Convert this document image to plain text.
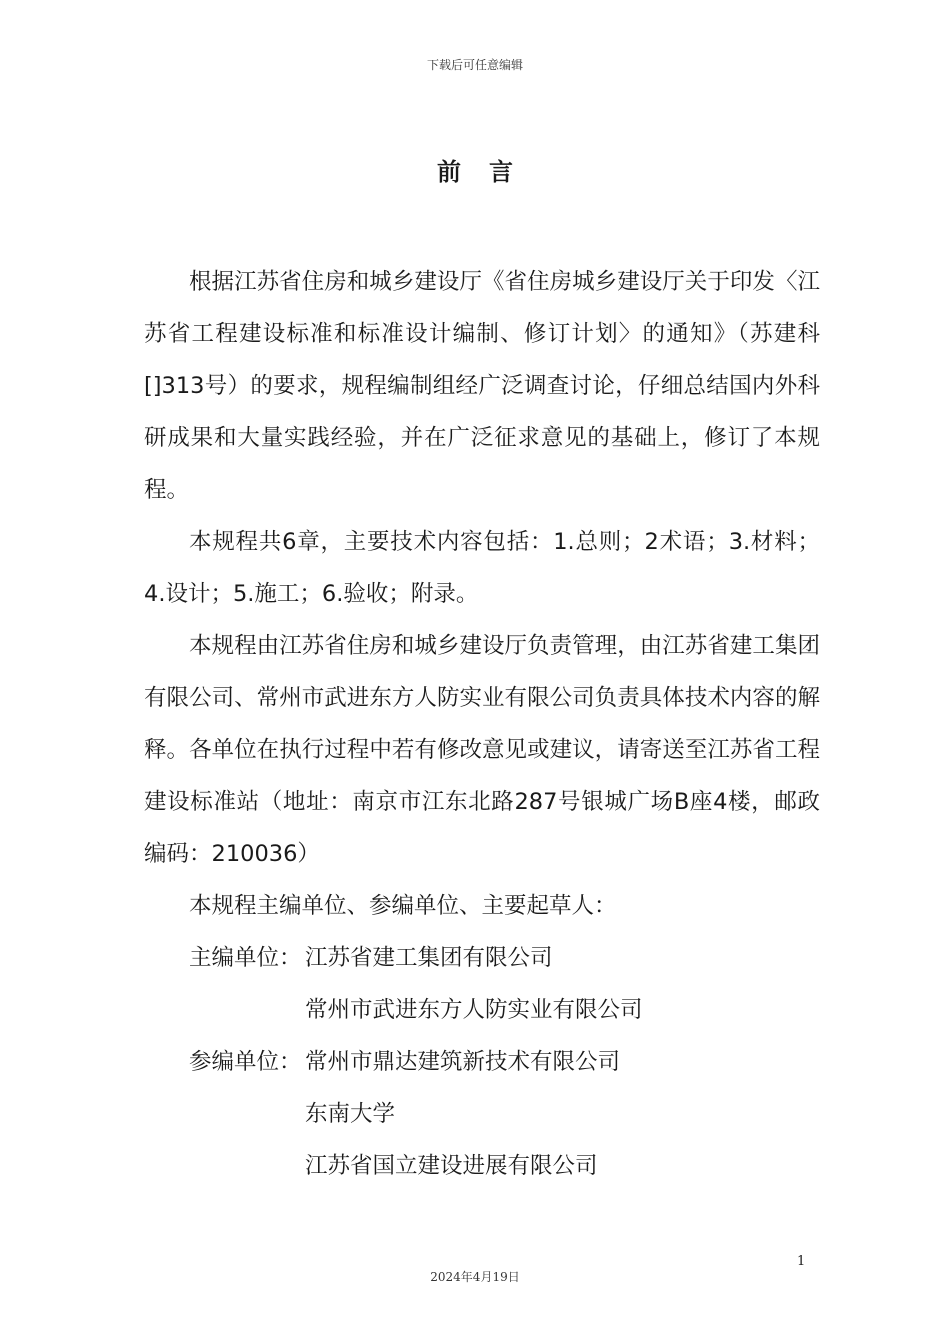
下载后可任意编辑
前言

根据江苏省住房和城乡建设厅《省住房城乡建设厅关于印发〈江苏省工程建设标准和标准设计编制、修订计划〉的通知》（苏建科[]313号）的要求，规程编制组经广泛调查讨论，仔细总结国内外科研成果和大量实践经验，并在广泛征求意见的基础上，修订了本规程。

本规程共6章，主要技术内容包括：1.总则；2术语；3.材料；4.设计；5.施工；6.验收；附录。

本规程由江苏省住房和城乡建设厅负责管理，由江苏省建工集团有限公司、常州市武进东方人防实业有限公司负责具体技术内容的解释。各单位在执行过程中若有修改意见或建议，请寄送至江苏省工程建设标准站（地址：南京市江东北路287号银城广场B座4楼，邮政编码：210036）

本规程主编单位、参编单位、主要起草人：

主编单位： 江苏省建工集团有限公司
常州市武进东方人防实业有限公司
参编单位： 常州市鼎达建筑新技术有限公司
东南大学
江苏省国立建设进展有限公司
1
2024年4月19日
